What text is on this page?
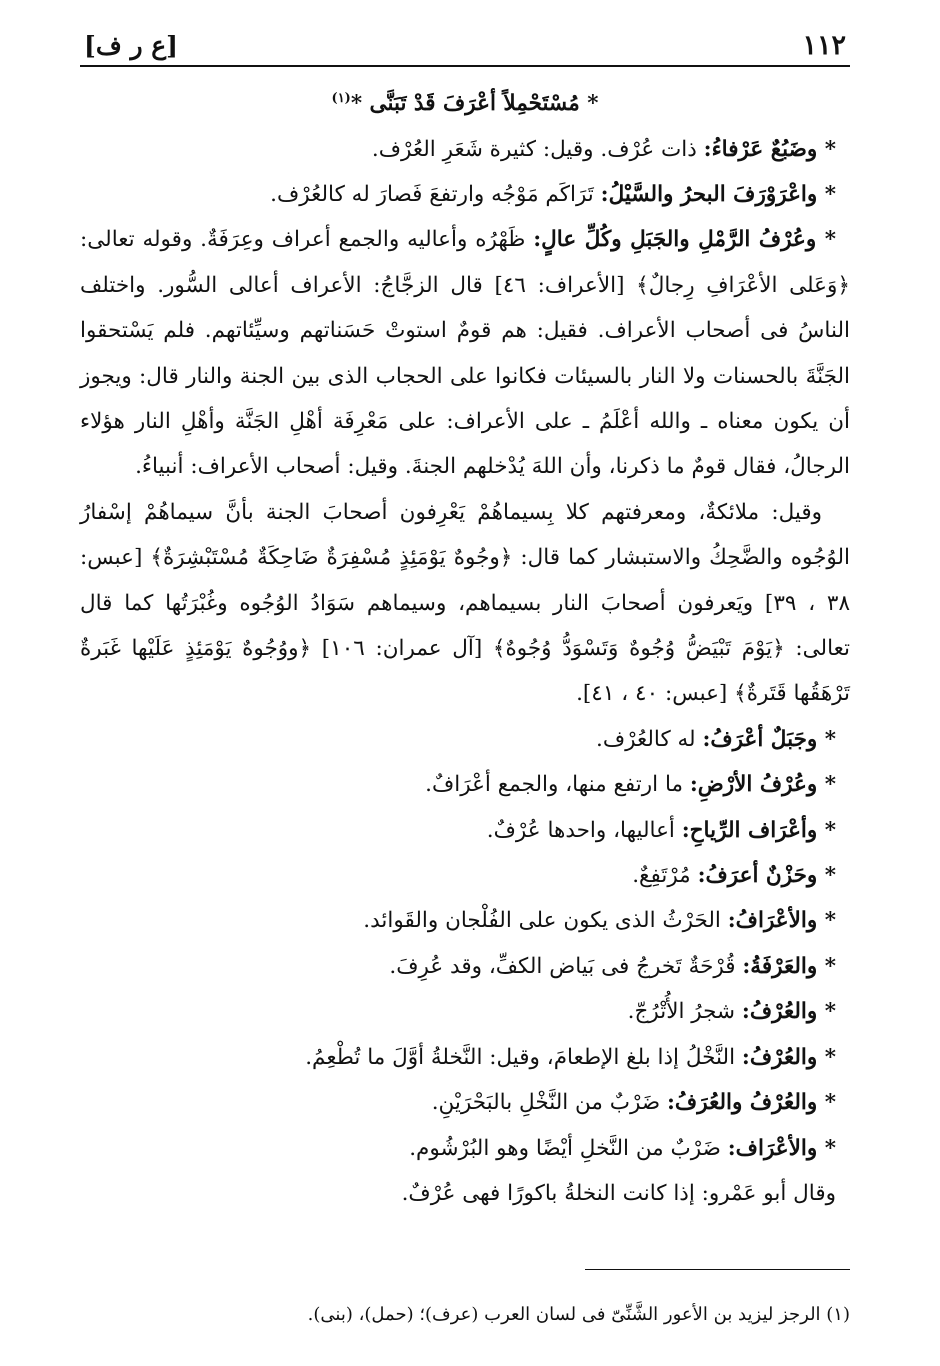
١١٢
[ع ر ف]

* مُسْتَحْمِلاً أعْرَفَ قَدْ تَبَنَّى *$^{(١)}$

* وضَبُعٌ عَرْفاءُ: ذات عُرْف. وقيل: كثيرة شَعَرِ العُرْف.

* واعْرَوْرَفَ البحرُ والسَّيْلُ: تَرَاكَم مَوْجُه وارتفعَ فَصارَ له كالعُرْف.

* وعُرْفُ الرَّمْلِ والجَبَلِ وكُلِّ عالٍ: ظَهْرُه وأعاليه والجمع أعراف وعِرَفَةٌ. وقوله تعالى: ﴿وَعَلى الأعْرَافِ رِجالٌ﴾ [الأعراف: ٤٦] قال الزجَّاجُ: الأعراف أعالى السُّور. واختلف الناسُ فى أصحاب الأعراف. فقيل: هم قومٌ استوتْ حَسَناتهم وسيِّئاتهم. فلم يَسْتحقوا الجَنَّةَ بالحسنات ولا النار بالسيئات فكانوا على الحجاب الذى بين الجنة والنار قال: ويجوز أن يكون معناه ـ والله أعْلَمُ ـ على الأعراف: على مَعْرِفَة أهْلِ الجَنَّة وأهْلِ النار هؤلاء الرجالُ، فقال قومٌ ما ذكرنا، وأن اللهَ يُدْخلهم الجنةَ. وقيل: أصحاب الأعراف: أنبياءُ.

وقيل: ملائكةٌ، ومعرفتهم كلا بِسيماهُمْ يَعْرِفون أصحابَ الجنة بأنَّ سيماهُمْ إسْفارُ الوُجُوه والضَّحِكُ والاستبشار كما قال: ﴿وجُوهٌ يَوْمَئِذٍ مُسْفِرَةٌ ضَاحِكَةٌ مُسْتَبْشِرَةٌ﴾ [عبس: ٣٨ ، ٣٩] ويَعرفون أصحابَ النار بسيماهم، وسيماهم سَوَادُ الوُجُوه وغُبْرَتُها كما قال تعالى: ﴿يَوْمَ تَبْيَضُّ وُجُوهٌ وَتَسْوَدُّ وُجُوهٌ﴾ [آل عمران: ١٠٦] ﴿ووُجُوهٌ يَوْمَئِذٍ عَلَيْها غَبَرةٌ تَرْهَقُها قَتَرةٌ﴾ [عبس: ٤٠ ، ٤١].

* وجَبَلٌ أعْرَفُ: له كالعُرْف.

* وعُرْفُ الأرْضِ: ما ارتفع منها، والجمع أعْرَافٌ.

* وأعْرَاف الرِّياحِ: أعاليها، واحدها عُرْفٌ.

* وحَزْنٌ أعرَفُ: مُرْتَفِعٌ.

* والأعْرَافُ: الحَرْثُ الذى يكون على الفُلْجان والقَوائد.

* والعَرْفَةُ: قُرْحَةٌ تَخرجُ فى بَياض الكفِّ، وقد عُرِفَ.

* والعُرْفُ: شجرُ الأُتْرُجّ.

* والعُرْفُ: النَّخْلُ إذا بلغ الإطعامَ، وقيل: النَّخلةُ أوَّلَ ما تُطْعِمُ.

* والعُرْفُ والعُرَفُ: ضَرْبٌ من النَّخْلِ بالبَحْرَيْنِ.

* والأعْرَاف: ضَرْبٌ من النَّخلِ أيْضًا وهو البُرْشُوم.

وقال أبو عَمْرو: إذا كانت النخلةُ باكورًا فهى عُرْفٌ.

(١) الرجز ليزيد بن الأعور الشَّنِّىّ فى لسان العرب (عرف)؛ (حمل)، (بنى).
